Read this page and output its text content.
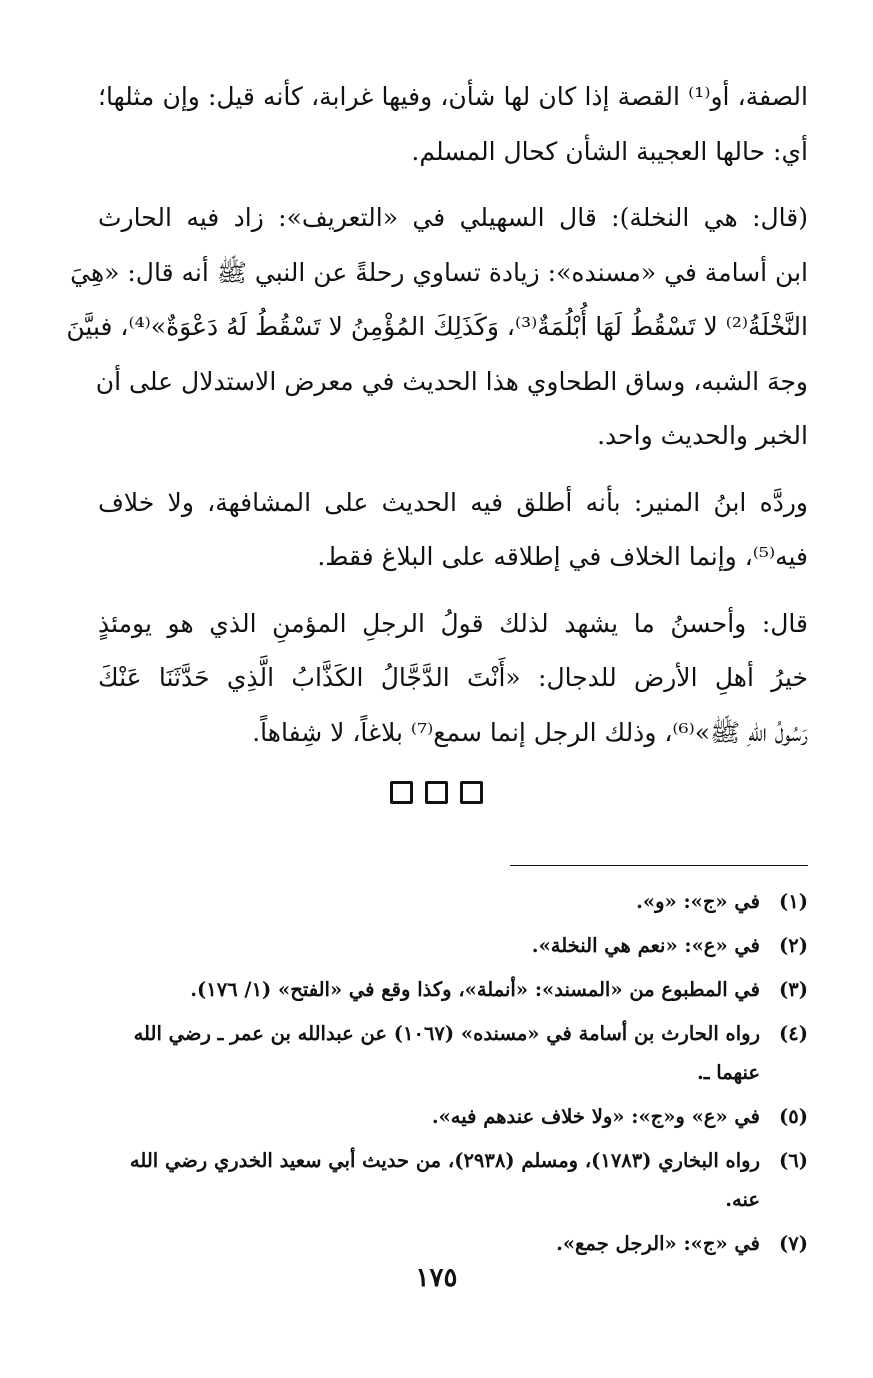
الصفة، أو⁽¹⁾ القصة إذا كان لها شأن، وفيها غرابة، كأنه قيل: وإن مثلها؛
أي: حالها العجيبة الشأن كحال المسلم.

(قال: هي النخلة): قال السهيلي في «التعريف»: زاد فيه الحارث
ابن أسامة في «مسنده»: زيادة تساوي رحلةً عن النبي ﷺ أنه قال: «هِيَ
النَّخْلَةُ⁽²⁾ لا تَسْقُطُ لَهَا أُبْلُمَةٌ⁽³⁾، وَكَذَلِكَ المُؤْمِنُ لا تَسْقُطُ لَهُ دَعْوَةٌ»⁽⁴⁾، فبيَّنَ
وجهَ الشبه، وساق الطحاوي هذا الحديث في معرض الاستدلال على أن
الخبر والحديث واحد.

وردَّه ابنُ المنير: بأنه أطلق فيه الحديث على المشافهة، ولا خلاف
فيه⁽⁵⁾، وإنما الخلاف في إطلاقه على البلاغ فقط.

قال: وأحسنُ ما يشهد لذلك قولُ الرجلِ المؤمنِ الذي هو يومئذٍ
خيرُ أهلِ الأرض للدجال: «أَنْتَ الدَّجَّالُ الكَذَّابُ الَّذِي حَدَّثَنَا عَنْكَ
رَسُولُ اللهِ ﷺ»⁽⁶⁾، وذلك الرجل إنما سمع⁽⁷⁾ بلاغاً، لا شِفاهاً.

(١)
في «ج»: «و».
(٢)
في «ع»: «نعم هي النخلة».
(٣)
في المطبوع من «المسند»: «أنملة»، وكذا وقع في «الفتح» (١/ ١٧٦).
(٤)
رواه الحارث بن أسامة في «مسنده» (١٠٦٧) عن عبدالله بن عمر ـ رضي الله عنهما ـ.
(٥)
في «ع» و«ج»: «ولا خلاف عندهم فيه».
(٦)
رواه البخاري (١٧٨٣)، ومسلم (٢٩٣٨)، من حديث أبي سعيد الخدري رضي الله عنه.
(٧)
في «ج»: «الرجل جمع».
١٧٥
